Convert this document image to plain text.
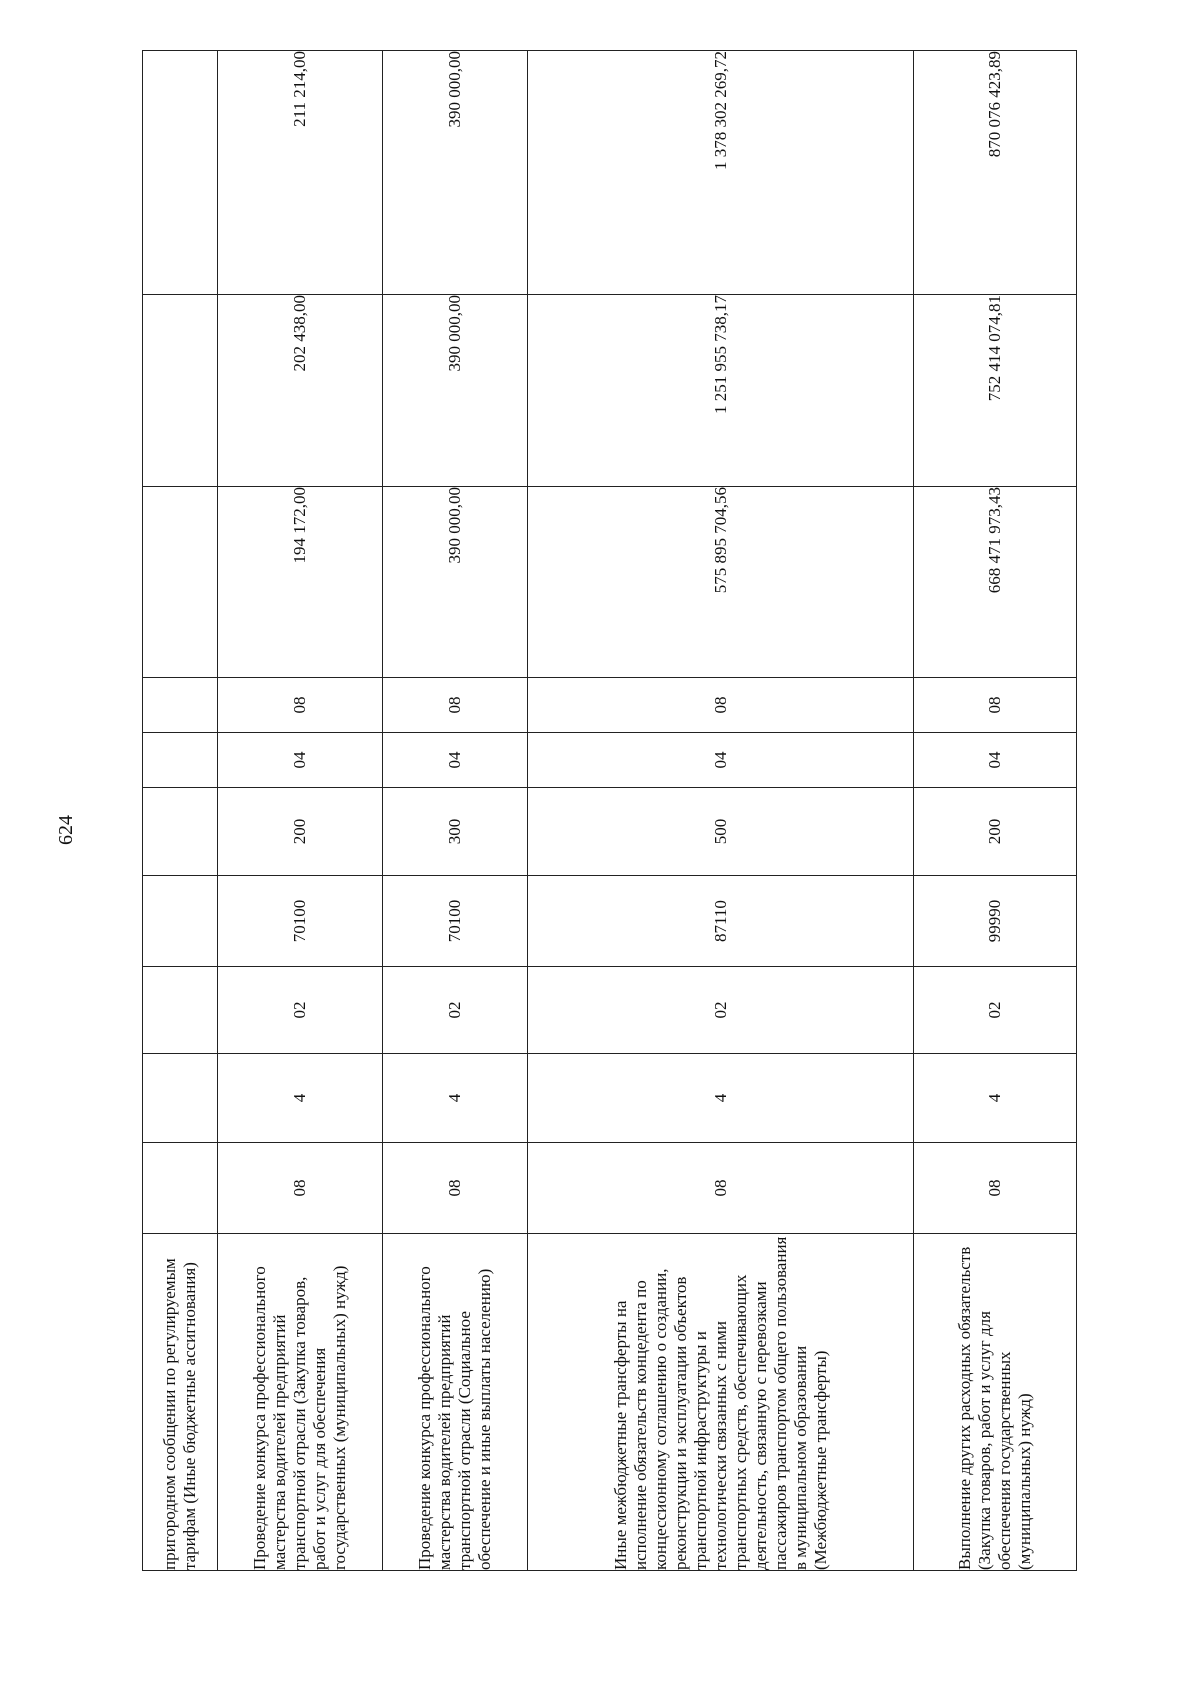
624
пригородном сообщении по регулируемым тарифам (Иные бюджетные ассигнования)										
Проведение конкурса профессионального мастерства водителей предприятий транспортной отрасли (Закупка товаров, работ и услуг для обеспечения государственных (муниципальных) нужд)	08	4	02	70100	200	04	08	194 172,00	202 438,00	211 214,00
Проведение конкурса профессионального мастерства водителей предприятий транспортной отрасли (Социальное обеспечение и иные выплаты населению)	08	4	02	70100	300	04	08	390 000,00	390 000,00	390 000,00
Иные межбюджетные трансферты на исполнение обязательств концедента по концессионному соглашению о создании, реконструкции и эксплуатации объектов транспортной инфраструктуры и технологически связанных с ними транспортных средств, обеспечивающих деятельность, связанную с перевозками пассажиров транспортом общего пользования в муниципальном образовании (Межбюджетные трансферты)	08	4	02	87110	500	04	08	575 895 704,56	1 251 955 738,17	1 378 302 269,72
Выполнение других расходных обязательств (Закупка товаров, работ и услуг для обеспечения государственных (муниципальных) нужд)	08	4	02	99990	200	04	08	668 471 973,43	752 414 074,81	870 076 423,89
